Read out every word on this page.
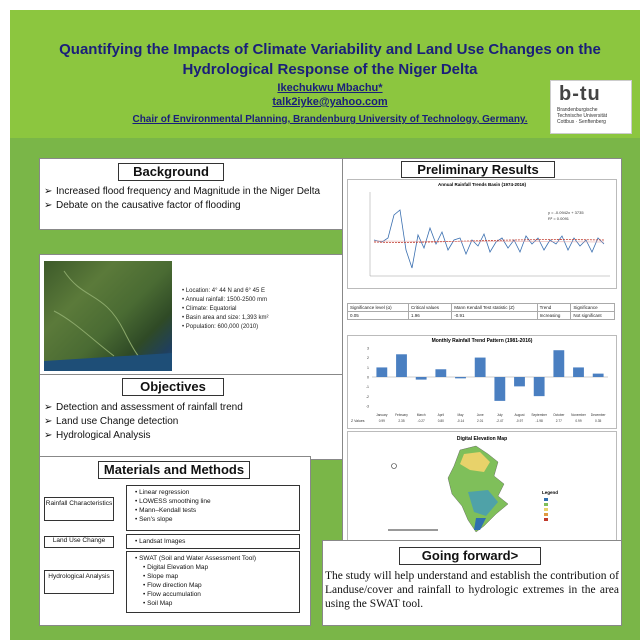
Quantifying the Impacts of Climate Variability and Land Use Changes on the
Hydrological Response of the Niger Delta
Ikechukwu Mbachu*
talk2iyke@yahoo.com
Chair of Environmental Planning, Brandenburg University of Technology, Germany.
b-tu
Brandenburgische
Technische Universität
Cottbus · Senftenberg
Background
➢ Increased flood frequency and Magnitude in the Niger Delta
➢ Debate on the causative factor of flooding
• Location: 4° 44 N and 6° 45 E
• Annual rainfall: 1500-2500 mm
• Climate: Equatorial
• Basin area and size: 1,393 km²
• Population: 600,000 (2010)
Objectives
➢ Detection and assessment of rainfall trend
➢ Land use Change detection
➢ Hydrological Analysis
Materials and Methods
Rainfall Characteristics
• Linear regression
• LOWESS smoothing line
• Mann–Kendall tests
• Sen's slope
Land Use Change	• Landsat Images
Hydrological Analysis
• SWAT (Soil and Water Assessment Tool)
• Digital Elevation Map
• Slope map
• Flow direction Map
• Flow accumulation
• Soil Map
Preliminary Results
Annual Rainfall Trends Basin (1974-2016)
y = -0.0942x + 3735
R² = 0.0091
Significance level (α)	Critical values	Mann Kendall Test statistic (Z)	Trend	Significance
0.05	1.96	-0.91	Increasing	Not significant
Monthly Rainfall Trend Pattern (1981-2016)
-3
-2
-1
0
1
2
3
Z Values
January
0.99
February
2.35
March
-0.27
April
0.80
May
-0.14
June
2.01
July
-2.47
August
-0.97
September
-1.98
October
2.77
November
0.99
December
0.35
Digital Elevation Map
Legend
Going forward>
The study will help understand and establish the contribution of Landuse/cover and rainfall to hydrologic extremes in the area using the SWAT tool.
